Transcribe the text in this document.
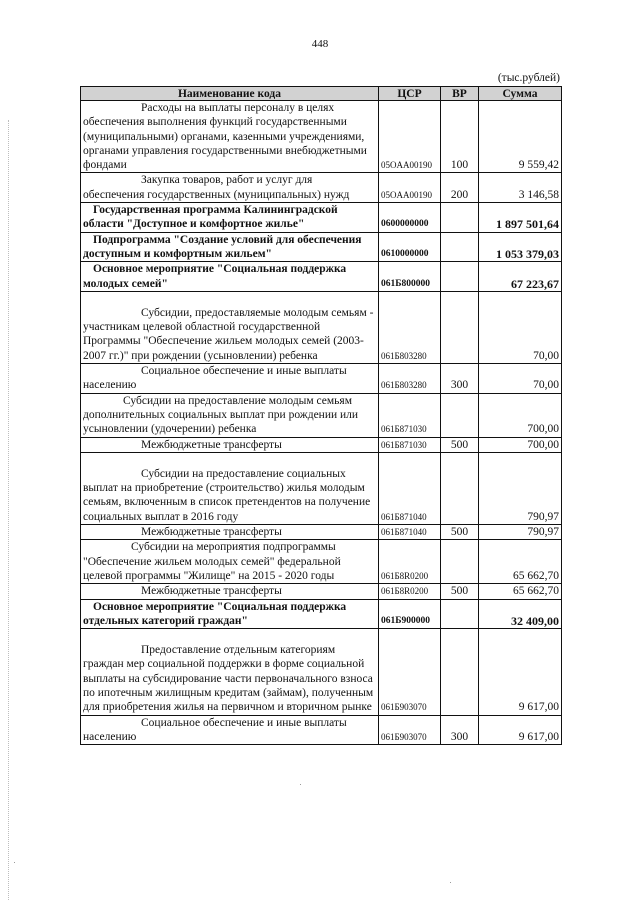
448
(тыс.рублей)
Наименование кода	ЦСР	ВР	Сумма

Расходы на выплаты персоналу в целях обеспечения выполнения функций государственными (муниципальными) органами, казенными учреждениями, органами управления государственными внебюджетными фондами	05OAA00190	100	9 559,42

Закупка товаров, работ и услуг для обеспечения государственных (муниципальных) нужд	05OAA00190	200	3 146,58

Государственная программа Калининградской области "Доступное и комфортное жилье"	0600000000		1 897 501,64

Подпрограмма "Создание условий для обеспечения доступным и комфортным жильем"	0610000000		1 053 379,03

Основное мероприятие "Социальная поддержка молодых семей"	061Б800000		67 223,67

Субсидии, предоставляемые молодым семьям - участникам целевой областной государственной Программы "Обеспечение жильем молодых семей (2003-2007 гг.)" при рождении (усыновлении) ребенка	061Б803280		70,00

Социальное обеспечение и иные выплаты населению	061Б803280	300	70,00

Субсидии на предоставление молодым семьям дополнительных социальных выплат при рождении или усыновлении (удочерении) ребенка	061Б871030		700,00

Межбюджетные трансферты	061Б871030	500	700,00

Субсидии на предоставление социальных выплат на приобретение (строительство) жилья молодым семьям, включенным в список претендентов на получение социальных выплат в 2016 году	061Б871040		790,97

Межбюджетные трансферты	061Б871040	500	790,97

Субсидии на мероприятия подпрограммы "Обеспечение жильем молодых семей" федеральной целевой программы "Жилище" на 2015 - 2020 годы	061Б8R0200		65 662,70

Межбюджетные трансферты	061Б8R0200	500	65 662,70

Основное мероприятие "Социальная поддержка отдельных категорий граждан"	061Б900000		32 409,00

Предоставление отдельным категориям граждан мер социальной поддержки в форме социальной выплаты на субсидирование части первоначального взноса по ипотечным жилищным кредитам (займам), полученным для приобретения жилья на первичном и вторичном рынке	061Б903070		9 617,00

Социальное обеспечение и иные выплаты населению	061Б903070	300	9 617,00
